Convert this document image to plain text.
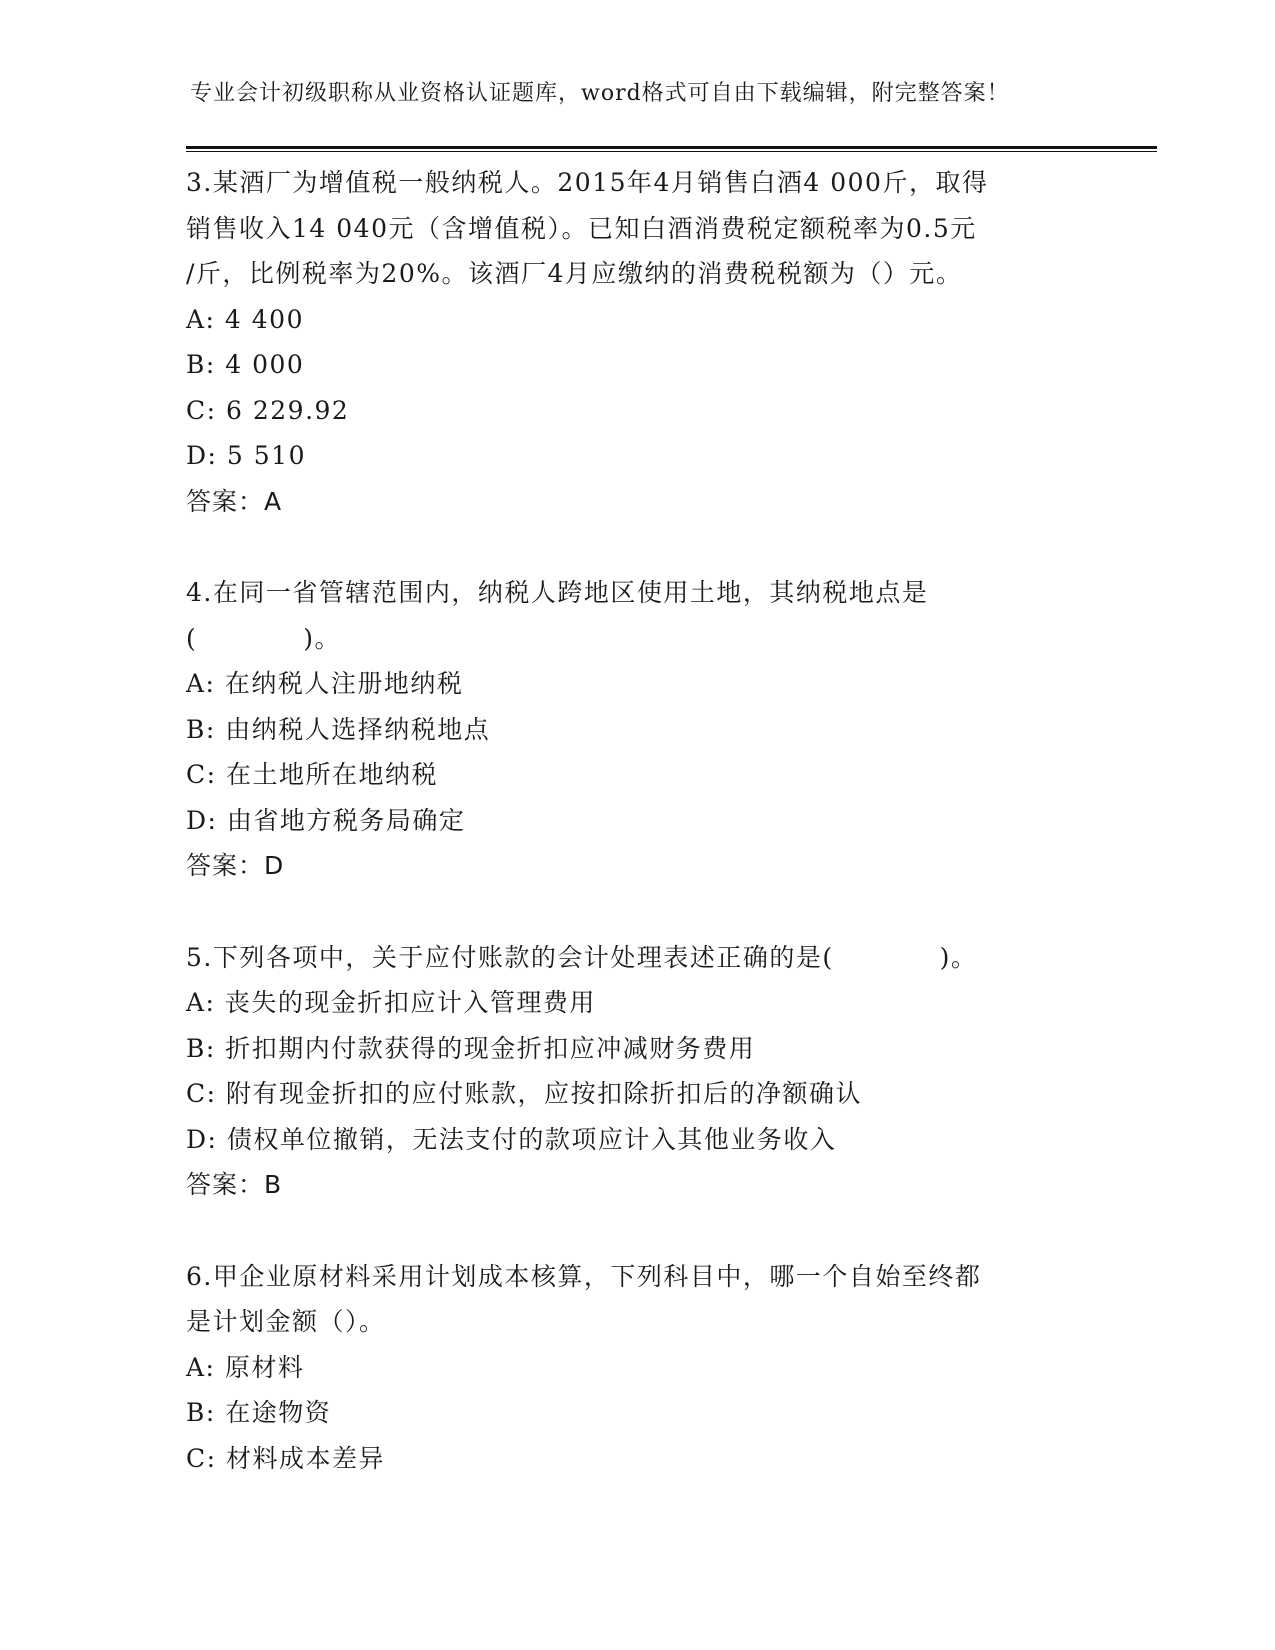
专业会计初级职称从业资格认证题库，word格式可自由下载编辑，附完整答案！
3.某酒厂为增值税一般纳税人。2015年4月销售白酒4 000斤，取得
销售收入14 040元（含增值税）。已知白酒消费税定额税率为0.5元
/斤，比例税率为20%。该酒厂4月应缴纳的消费税税额为（）元。
A: 4 400
B: 4 000
C: 6 229.92
D: 5 510
答案：A
4.在同一省管辖范围内，纳税人跨地区使用土地，其纳税地点是
(　　　　)。
A: 在纳税人注册地纳税
B: 由纳税人选择纳税地点
C: 在土地所在地纳税
D: 由省地方税务局确定
答案：D
5.下列各项中，关于应付账款的会计处理表述正确的是(　　　　)。
A: 丧失的现金折扣应计入管理费用
B: 折扣期内付款获得的现金折扣应冲减财务费用
C: 附有现金折扣的应付账款，应按扣除折扣后的净额确认
D: 债权单位撤销，无法支付的款项应计入其他业务收入
答案：B
6.甲企业原材料采用计划成本核算，下列科目中，哪一个自始至终都
是计划金额（）。
A: 原材料
B: 在途物资
C: 材料成本差异
